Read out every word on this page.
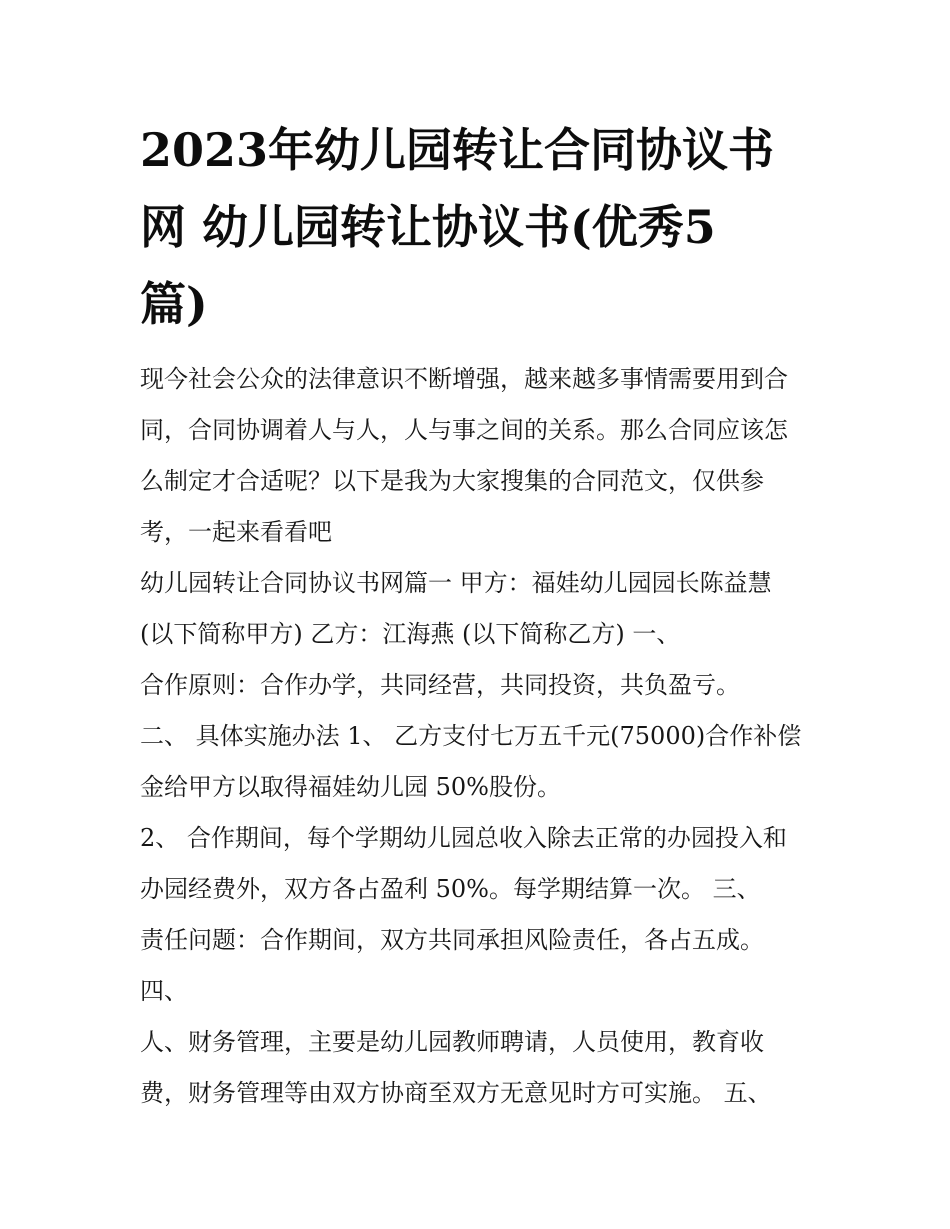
2023年幼儿园转让合同协议书
网 幼儿园转让协议书(优秀5
篇)
现今社会公众的法律意识不断增强，越来越多事情需要用到合
同，合同协调着人与人，人与事之间的关系。那么合同应该怎
么制定才合适呢？以下是我为大家搜集的合同范文，仅供参
考，一起来看看吧
幼儿园转让合同协议书网篇一 甲方：福娃幼儿园园长陈益慧
(以下简称甲方) 乙方：江海燕 (以下简称乙方) 一、
合作原则：合作办学，共同经营，共同投资，共负盈亏。
二、 具体实施办法 1、 乙方支付七万五千元(75000)合作补偿
金给甲方以取得福娃幼儿园 50%股份。
2、 合作期间，每个学期幼儿园总收入除去正常的办园投入和
办园经费外，双方各占盈利 50%。每学期结算一次。 三、
责任问题：合作期间，双方共同承担风险责任，各占五成。
四、
人、财务管理，主要是幼儿园教师聘请，人员使用，教育收
费，财务管理等由双方协商至双方无意见时方可实施。 五、
